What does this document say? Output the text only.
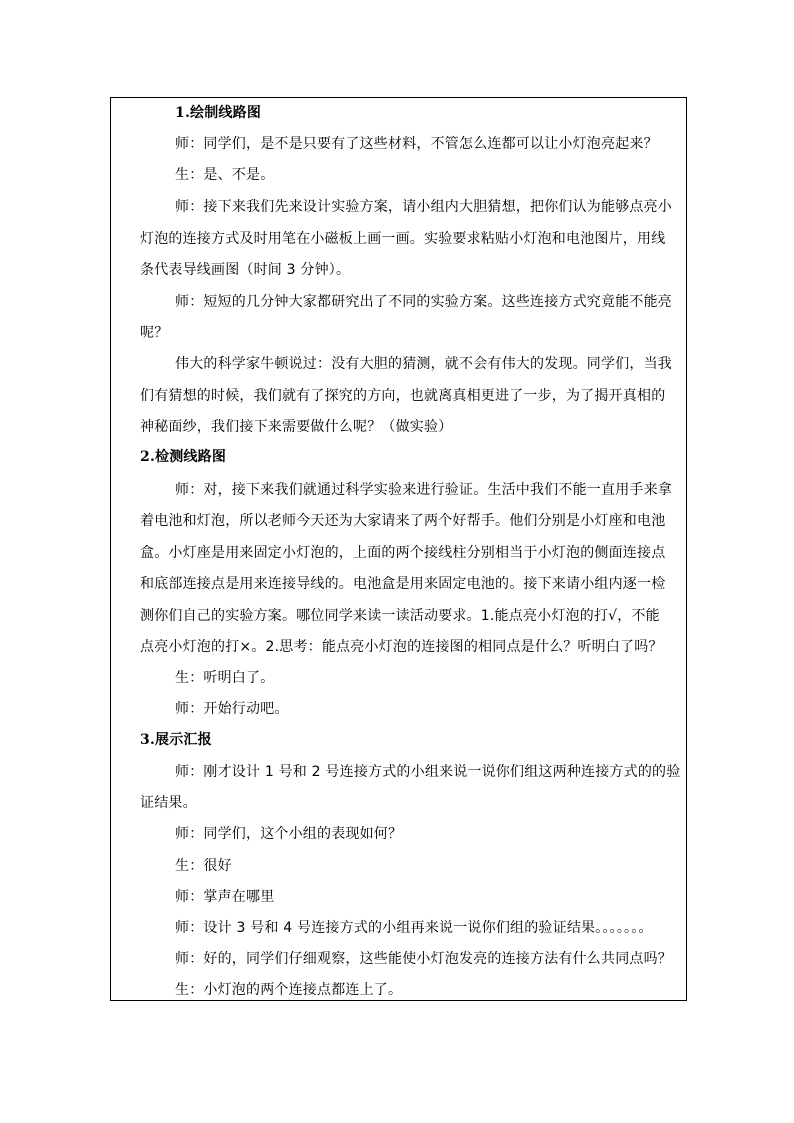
1.绘制线路图
师：同学们，是不是只要有了这些材料，不管怎么连都可以让小灯泡亮起来？
生：是、不是。
师：接下来我们先来设计实验方案，请小组内大胆猜想，把你们认为能够点亮小
灯泡的连接方式及时用笔在小磁板上画一画。实验要求粘贴小灯泡和电池图片，用线
条代表导线画图（时间 3 分钟）。
师：短短的几分钟大家都研究出了不同的实验方案。这些连接方式究竟能不能亮
呢？
伟大的科学家牛顿说过：没有大胆的猜测，就不会有伟大的发现。同学们，当我
们有猜想的时候，我们就有了探究的方向，也就离真相更进了一步，为了揭开真相的
神秘面纱，我们接下来需要做什么呢？（做实验）
2.检测线路图
师：对，接下来我们就通过科学实验来进行验证。生活中我们不能一直用手来拿
着电池和灯泡，所以老师今天还为大家请来了两个好帮手。他们分别是小灯座和电池
盒。小灯座是用来固定小灯泡的，上面的两个接线柱分别相当于小灯泡的侧面连接点
和底部连接点是用来连接导线的。电池盒是用来固定电池的。接下来请小组内逐一检
测你们自己的实验方案。哪位同学来读一读活动要求。1.能点亮小灯泡的打√，不能
点亮小灯泡的打×。2.思考：能点亮小灯泡的连接图的相同点是什么？听明白了吗？
生：听明白了。
师：开始行动吧。
3.展示汇报
师：刚才设计 1 号和 2 号连接方式的小组来说一说你们组这两种连接方式的的验
证结果。
师：同学们，这个小组的表现如何？
生：很好
师：掌声在哪里
师：设计 3 号和 4 号连接方式的小组再来说一说你们组的验证结果。。。。。。。
师：好的，同学们仔细观察，这些能使小灯泡发亮的连接方法有什么共同点吗？
生：小灯泡的两个连接点都连上了。
